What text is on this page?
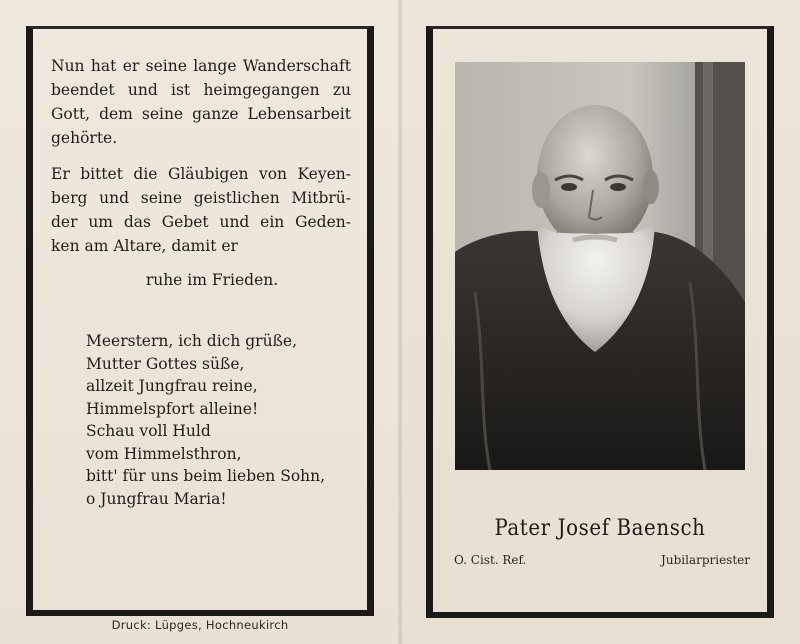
Nun hat er seine lange Wanderschaft
beendet und ist heimgegangen zu
Gott, dem seine ganze Lebensarbeit
gehörte.
Er bittet die Gläubigen von Keyen-
berg und seine geistlichen Mitbrü-
der um das Gebet und ein Geden-
ken am Altare, damit er
ruhe im Frieden.
Meerstern, ich dich grüße,
Mutter Gottes süße,
allzeit Jungfrau reine,
Himmelspfort alleine!
Schau voll Huld
vom Himmelsthron,
bitt' für uns beim lieben Sohn,
o Jungfrau Maria!
Druck: Lüpges, Hochneukirch
Pater Josef Baensch
O. Cist. Ref.	Jubilarpriester
